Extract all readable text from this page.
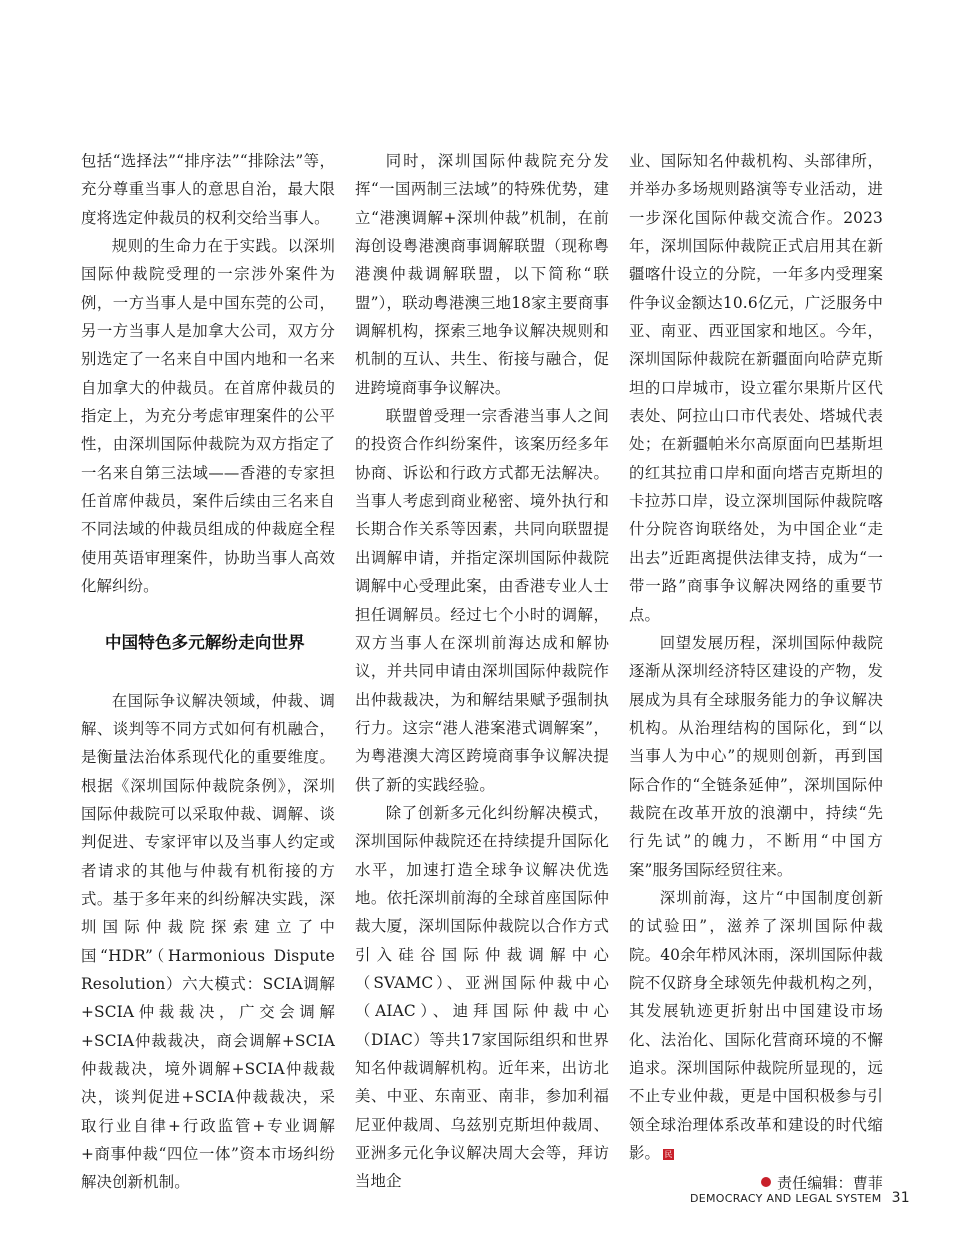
包括“选择法”“排序法”“排除法”等，充分尊重当事人的意思自治，最大限度将选定仲裁员的权利交给当事人。

规则的生命力在于实践。以深圳国际仲裁院受理的一宗涉外案件为例，一方当事人是中国东莞的公司，另一方当事人是加拿大公司，双方分别选定了一名来自中国内地和一名来自加拿大的仲裁员。在首席仲裁员的指定上，为充分考虑审理案件的公平性，由深圳国际仲裁院为双方指定了一名来自第三法域——香港的专家担任首席仲裁员，案件后续由三名来自不同法域的仲裁员组成的仲裁庭全程使用英语审理案件，协助当事人高效化解纠纷。

中国特色多元解纷走向世界

在国际争议解决领域，仲裁、调解、谈判等不同方式如何有机融合，是衡量法治体系现代化的重要维度。根据《深圳国际仲裁院条例》，深圳国际仲裁院可以采取仲裁、调解、谈判促进、专家评审以及当事人约定或者请求的其他与仲裁有机衔接的方式。基于多年来的纠纷解决实践，深圳国际仲裁院探索建立了中国“HDR”（Harmonious Dispute Resolution）六大模式：SCIA调解+SCIA仲裁裁决，广交会调解+SCIA仲裁裁决，商会调解+SCIA仲裁裁决，境外调解+SCIA仲裁裁决，谈判促进+SCIA仲裁裁决，采取行业自律+行政监管+专业调解+商事仲裁“四位一体”资本市场纠纷解决创新机制。

同时，深圳国际仲裁院充分发挥“一国两制三法域”的特殊优势，建立“港澳调解+深圳仲裁”机制，在前海创设粤港澳商事调解联盟（现称粤港澳仲裁调解联盟，以下简称“联盟”），联动粤港澳三地18家主要商事调解机构，探索三地争议解决规则和机制的互认、共生、衔接与融合，促进跨境商事争议解决。

联盟曾受理一宗香港当事人之间的投资合作纠纷案件，该案历经多年协商、诉讼和行政方式都无法解决。当事人考虑到商业秘密、境外执行和长期合作关系等因素，共同向联盟提出调解申请，并指定深圳国际仲裁院调解中心受理此案，由香港专业人士担任调解员。经过七个小时的调解，双方当事人在深圳前海达成和解协议，并共同申请由深圳国际仲裁院作出仲裁裁决，为和解结果赋予强制执行力。这宗“港人港案港式调解案”，为粤港澳大湾区跨境商事争议解决提供了新的实践经验。

除了创新多元化纠纷解决模式，深圳国际仲裁院还在持续提升国际化水平，加速打造全球争议解决优选地。依托深圳前海的全球首座国际仲裁大厦，深圳国际仲裁院以合作方式引入硅谷国际仲裁调解中心（SVAMC）、亚洲国际仲裁中心（AIAC）、迪拜国际仲裁中心（DIAC）等共17家国际组织和世界知名仲裁调解机构。近年来，出访北美、中亚、东南亚、南非，参加利福尼亚仲裁周、乌兹别克斯坦仲裁周、亚洲多元化争议解决周大会等，拜访当地企

业、国际知名仲裁机构、头部律所，并举办多场规则路演等专业活动，进一步深化国际仲裁交流合作。2023年，深圳国际仲裁院正式启用其在新疆喀什设立的分院，一年多内受理案件争议金额达10.6亿元，广泛服务中亚、南亚、西亚国家和地区。今年，深圳国际仲裁院在新疆面向哈萨克斯坦的口岸城市，设立霍尔果斯片区代表处、阿拉山口市代表处、塔城代表处；在新疆帕米尔高原面向巴基斯坦的红其拉甫口岸和面向塔吉克斯坦的卡拉苏口岸，设立深圳国际仲裁院喀什分院咨询联络处，为中国企业“走出去”近距离提供法律支持，成为“一带一路”商事争议解决网络的重要节点。

回望发展历程，深圳国际仲裁院逐渐从深圳经济特区建设的产物，发展成为具有全球服务能力的争议解决机构。从治理结构的国际化，到“以当事人为中心”的规则创新，再到国际合作的“全链条延伸”，深圳国际仲裁院在改革开放的浪潮中，持续“先行先试”的魄力，不断用“中国方案”服务国际经贸往来。

深圳前海，这片“中国制度创新的试验田”，滋养了深圳国际仲裁院。40余年栉风沐雨，深圳国际仲裁院不仅跻身全球领先仲裁机构之列，其发展轨迹更折射出中国建设市场化、法治化、国际化营商环境的不懈追求。深圳国际仲裁院所显现的，远不止专业仲裁，更是中国积极参与引领全球治理体系改革和建设的时代缩影。 民

责任编辑：曹菲
DEMOCRACY AND LEGAL SYSTEM 31
